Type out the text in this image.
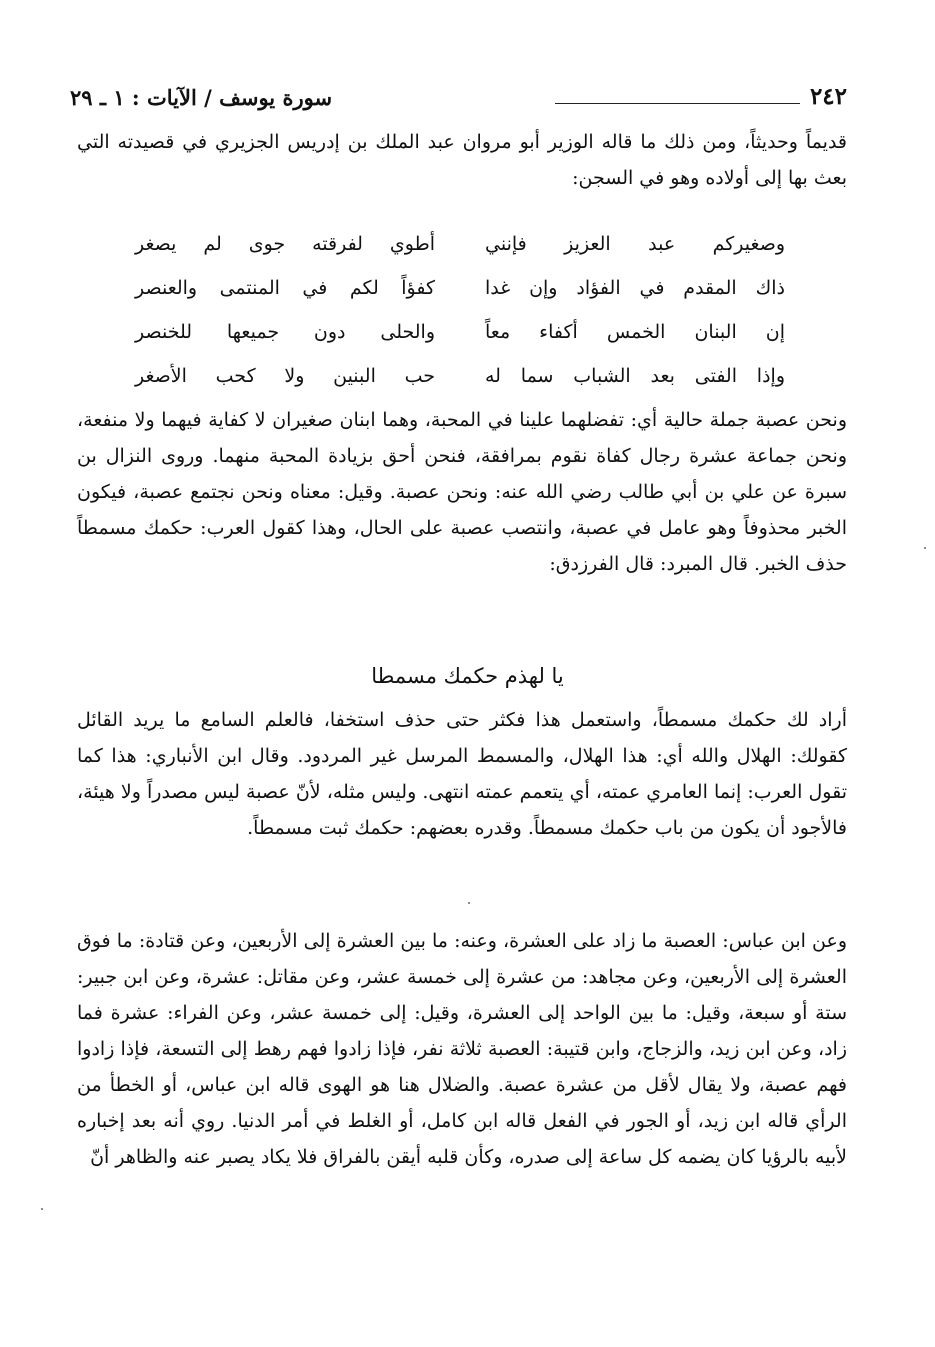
٢٤٢
سورة يوسف / الآيات : ١ ـ ٢٩

قديماً وحديثاً، ومن ذلك ما قاله الوزير أبو مروان عبد الملك بن إدريس الجزيري في قصيدته التي بعث بها إلى أولاده وهو في السجن:

وصغيركم عبد العزيز فإنني
أطوي لفرقته جوى لم يصغر
ذاك المقدم في الفؤاد وإن غدا
كفؤاً لكم في المنتمى والعنصر
إن البنان الخمس أكفاء معاً
والحلى دون جميعها للخنصر
وإذا الفتى بعد الشباب سما له
حب البنين ولا كحب الأصغر

ونحن عصبة جملة حالية أي: تفضلهما علينا في المحبة، وهما ابنان صغيران لا كفاية فيهما ولا منفعة، ونحن جماعة عشرة رجال كفاة نقوم بمرافقة، فنحن أحق بزيادة المحبة منهما. وروى النزال بن سبرة عن علي بن أبي طالب رضي الله عنه: ونحن عصبة. وقيل: معناه ونحن نجتمع عصبة، فيكون الخبر محذوفاً وهو عامل في عصبة، وانتصب عصبة على الحال، وهذا كقول العرب: حكمك مسمطاً حذف الخبر. قال المبرد: قال الفرزدق:

يا لهذم حكمك مسمطا

أراد لك حكمك مسمطاً، واستعمل هذا فكثر حتى حذف استخفا، فالعلم السامع ما يريد القائل كقولك: الهلال والله أي: هذا الهلال، والمسمط المرسل غير المردود. وقال ابن الأنباري: هذا كما تقول العرب: إنما العامري عمته، أي يتعمم عمته انتهى. وليس مثله، لأنّ عصبة ليس مصدراً ولا هيئة، فالأجود أن يكون من باب حكمك مسمطاً. وقدره بعضهم: حكمك ثبت مسمطاً.

وعن ابن عباس: العصبة ما زاد على العشرة، وعنه: ما بين العشرة إلى الأربعين، وعن قتادة: ما فوق العشرة إلى الأربعين، وعن مجاهد: من عشرة إلى خمسة عشر، وعن مقاتل: عشرة، وعن ابن جبير: ستة أو سبعة، وقيل: ما بين الواحد إلى العشرة، وقيل: إلى خمسة عشر، وعن الفراء: عشرة فما زاد، وعن ابن زيد، والزجاج، وابن قتيبة: العصبة ثلاثة نفر، فإذا زادوا فهم رهط إلى التسعة، فإذا زادوا فهم عصبة، ولا يقال لأقل من عشرة عصبة. والضلال هنا هو الهوى قاله ابن عباس، أو الخطأ من الرأي قاله ابن زيد، أو الجور في الفعل قاله ابن كامل، أو الغلط في أمر الدنيا. روي أنه بعد إخباره لأبيه بالرؤيا كان يضمه كل ساعة إلى صدره، وكأن قلبه أيقن بالفراق فلا يكاد يصبر عنه والظاهر أنّ
